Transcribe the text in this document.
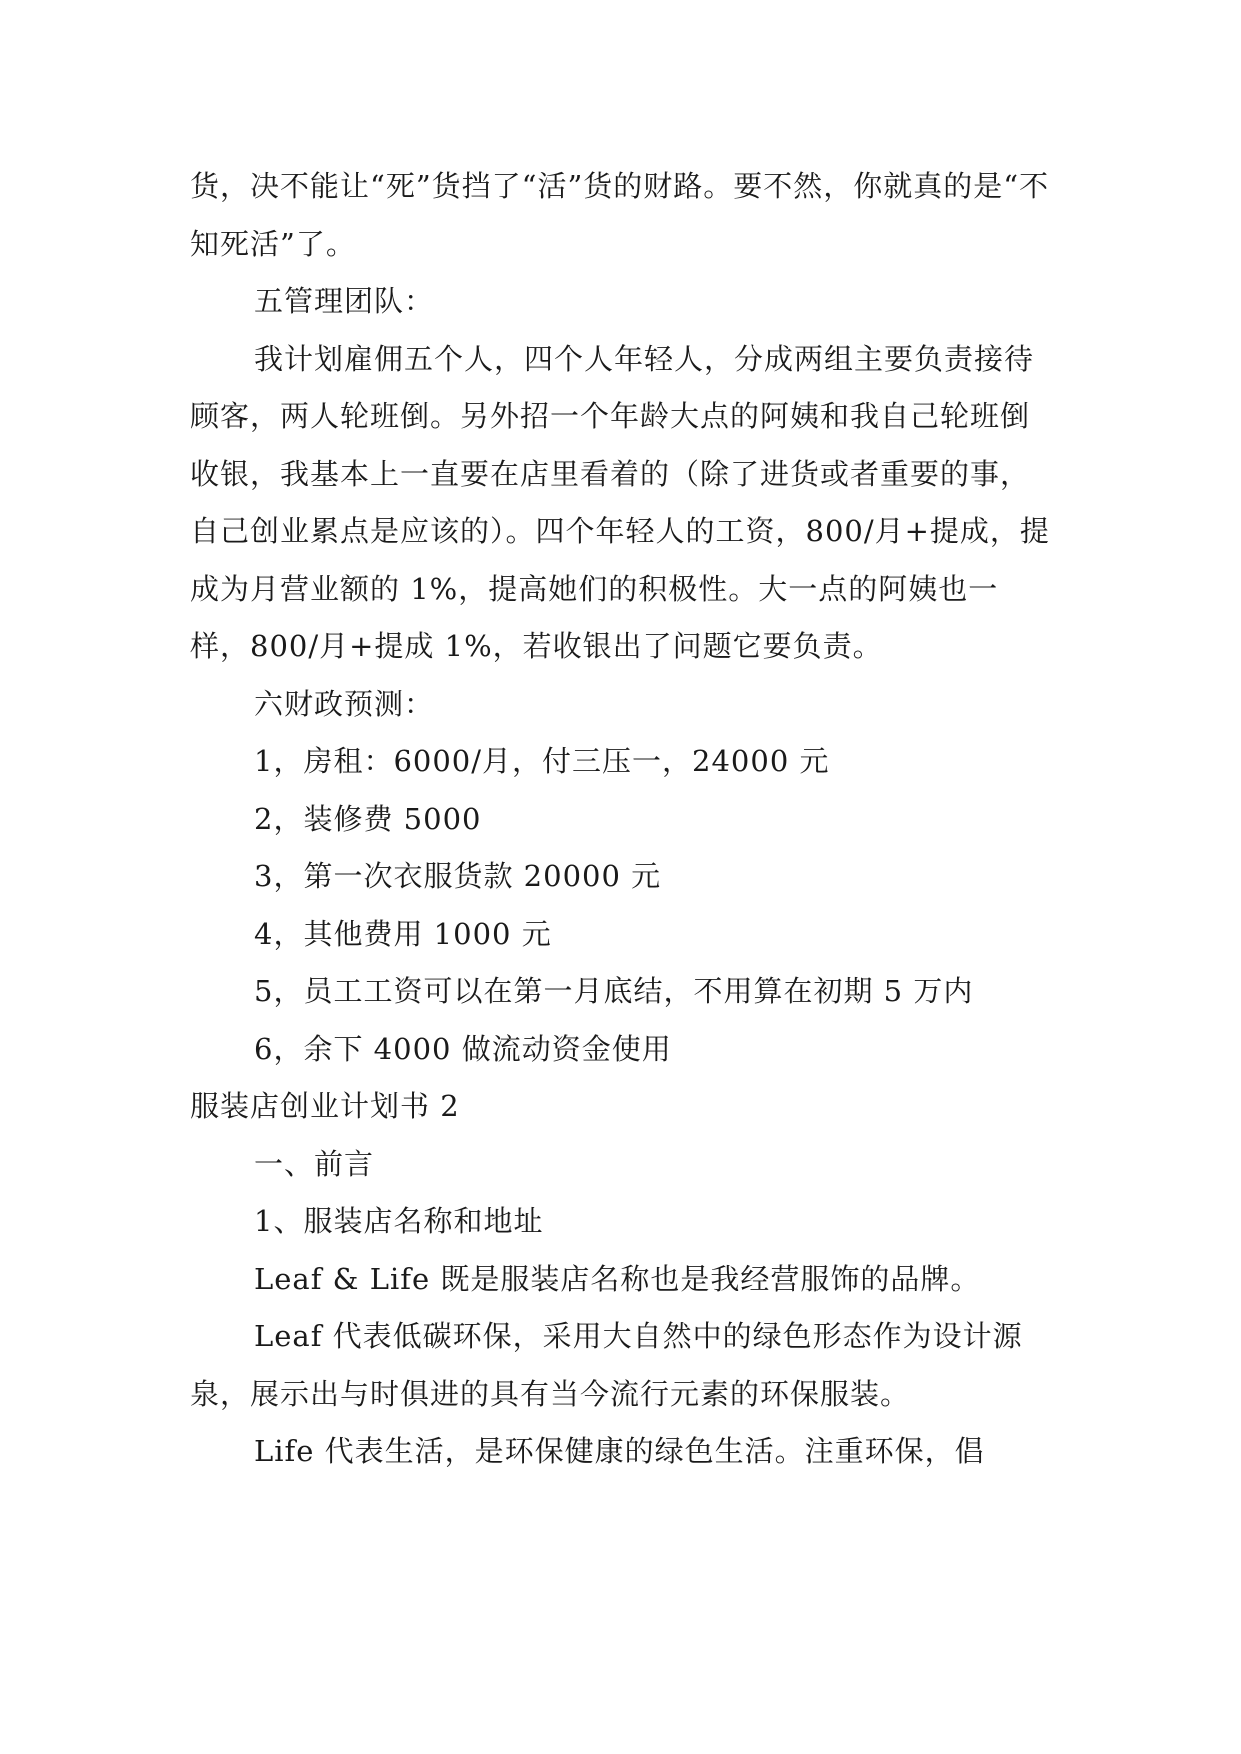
货，决不能让“死”货挡了“活”货的财路。要不然，你就真的是“不知死活”了。

五管理团队：

我计划雇佣五个人，四个人年轻人，分成两组主要负责接待顾客，两人轮班倒。另外招一个年龄大点的阿姨和我自己轮班倒收银，我基本上一直要在店里看着的（除了进货或者重要的事，自己创业累点是应该的）。四个年轻人的工资，800/月+提成，提成为月营业额的 1%，提高她们的积极性。大一点的阿姨也一样，800/月+提成 1%，若收银出了问题它要负责。

六财政预测：

1，房租：6000/月，付三压一，24000 元

2，装修费 5000

3，第一次衣服货款 20000 元

4，其他费用 1000 元

5，员工工资可以在第一月底结，不用算在初期 5 万内

6，余下 4000 做流动资金使用

服装店创业计划书 2

一、前言

1、服装店名称和地址

Leaf & Life 既是服装店名称也是我经营服饰的品牌。

Leaf 代表低碳环保，采用大自然中的绿色形态作为设计源泉，展示出与时俱进的具有当今流行元素的环保服装。

Life 代表生活，是环保健康的绿色生活。注重环保，倡
